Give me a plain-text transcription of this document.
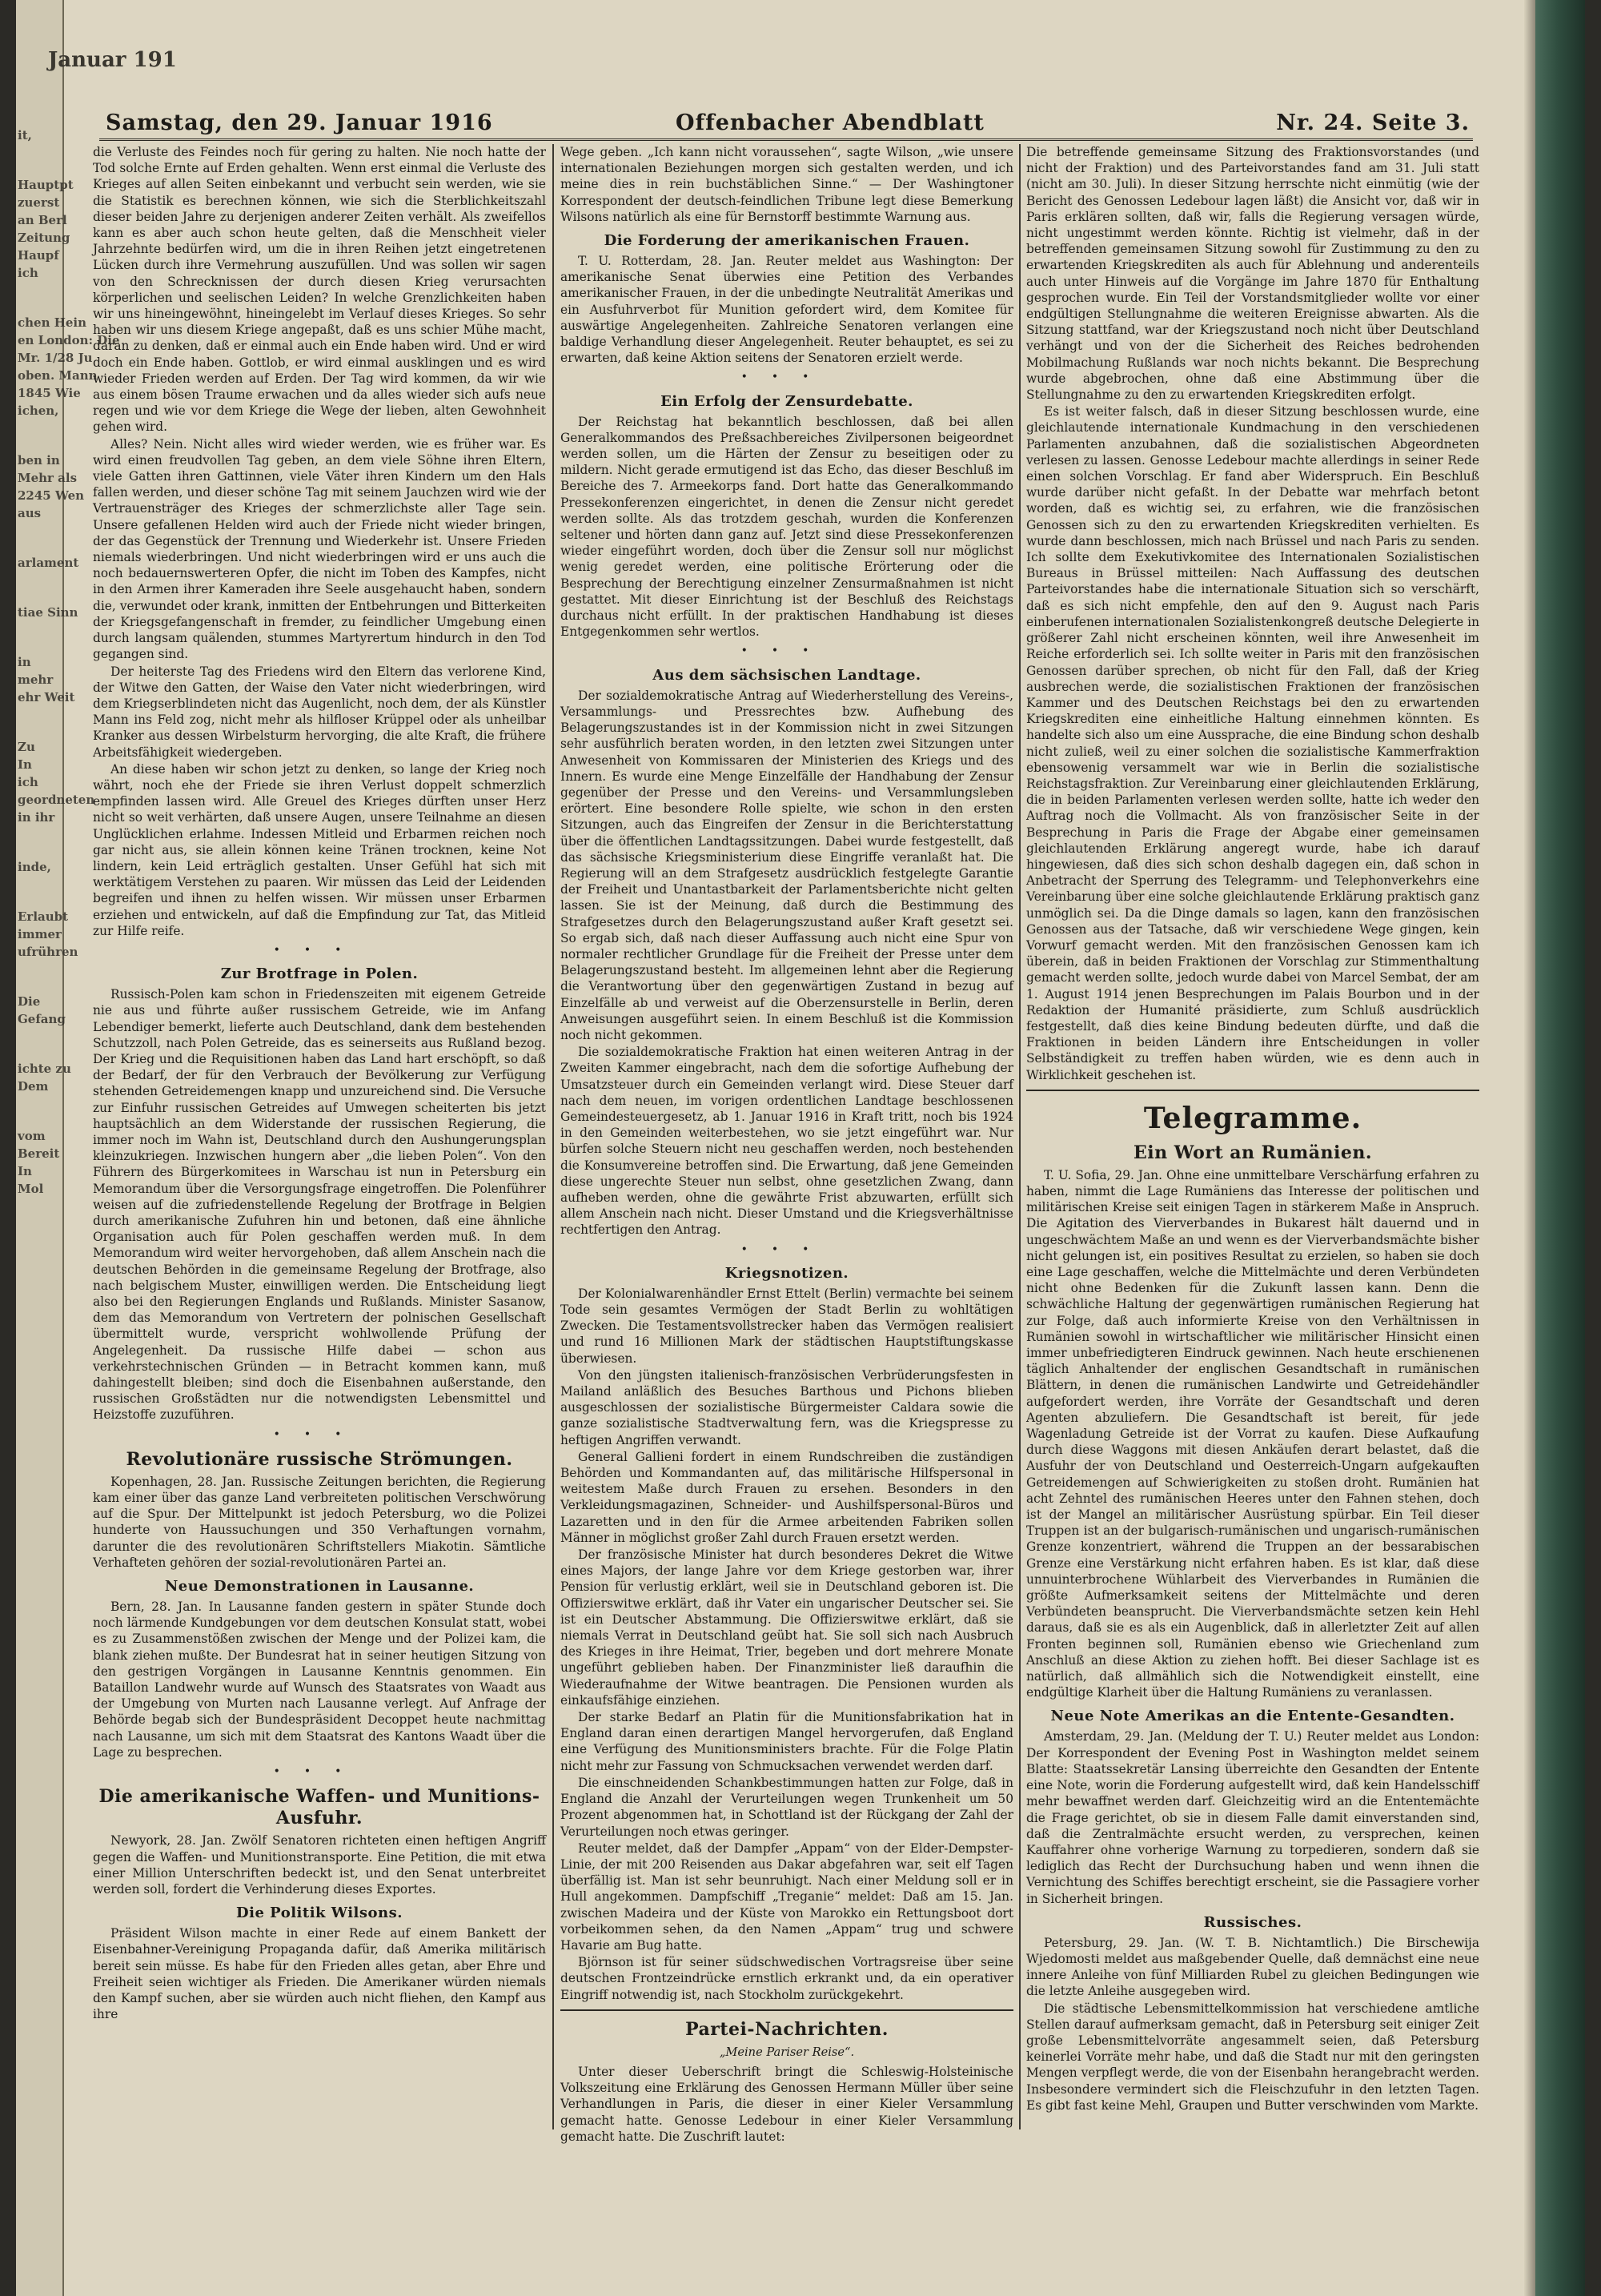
it,
Hauptpt
zuerst
an Berl
Zeitung
Haupf
ich
chen Hein
en London: Die
Mr. 1/28 Ju
oben. Mann
1845 Wie
ichen,
ben in
Mehr als
2245 Wen
aus
arlament
tiae Sinn
in
mehr
ehr Weit
Zu
In
ich
geordneten
in ihr
inde,
Erlaubt
immer
ufrühren
Die
Gefang
ichte zu
Dem
vom
Bereit
In
Mol
Januar 191
Samstag, den 29. Januar 1916	Offenbacher Abendblatt	Nr. 24. Seite 3.

die Verluste des Feindes noch für gering zu halten. Nie noch hatte der Tod solche Ernte auf Erden gehalten. Wenn erst einmal die Verluste des Krieges auf allen Seiten einbekannt und verbucht sein werden, wie sie die Statistik es berechnen können, wie sich die Sterblichkeitszahl dieser beiden Jahre zu derjenigen anderer Zeiten verhält. Als zweifellos kann es aber auch schon heute gelten, daß die Menschheit vieler Jahrzehnte bedürfen wird, um die in ihren Reihen jetzt eingetretenen Lücken durch ihre Vermehrung auszufüllen. Und was sollen wir sagen von den Schrecknissen der durch diesen Krieg verursachten körperlichen und seelischen Leiden? In welche Grenzlichkeiten haben wir uns hineingewöhnt, hineingelebt im Verlauf dieses Krieges. So sehr haben wir uns diesem Kriege angepaßt, daß es uns schier Mühe macht, daran zu denken, daß er einmal auch ein Ende haben wird. Und er wird doch ein Ende haben. Gottlob, er wird einmal ausklingen und es wird wieder Frieden werden auf Erden. Der Tag wird kommen, da wir wie aus einem bösen Traume erwachen und da alles wieder sich aufs neue regen und wie vor dem Kriege die Wege der lieben, alten Gewohnheit gehen wird.

Alles? Nein. Nicht alles wird wieder werden, wie es früher war. Es wird einen freudvollen Tag geben, an dem viele Söhne ihren Eltern, viele Gatten ihren Gattinnen, viele Väter ihren Kindern um den Hals fallen werden, und dieser schöne Tag mit seinem Jauchzen wird wie der Vertrauensträger des Krieges der schmerzlichste aller Tage sein. Unsere gefallenen Helden wird auch der Friede nicht wieder bringen, der das Gegenstück der Trennung und Wiederkehr ist. Unsere Frieden niemals wiederbringen. Und nicht wiederbringen wird er uns auch die noch bedauernswerteren Opfer, die nicht im Toben des Kampfes, nicht in den Armen ihrer Kameraden ihre Seele ausgehaucht haben, sondern die, verwundet oder krank, inmitten der Entbehrungen und Bitterkeiten der Kriegsgefangenschaft in fremder, zu feindlicher Umgebung einen durch langsam quälenden, stummes Martyrertum hindurch in den Tod gegangen sind.

Der heiterste Tag des Friedens wird den Eltern das verlorene Kind, der Witwe den Gatten, der Waise den Vater nicht wiederbringen, wird dem Kriegserblindeten nicht das Augenlicht, noch dem, der als Künstler Mann ins Feld zog, nicht mehr als hilfloser Krüppel oder als unheilbar Kranker aus dessen Wirbelsturm hervorging, die alte Kraft, die frühere Arbeitsfähigkeit wiedergeben.

An diese haben wir schon jetzt zu denken, so lange der Krieg noch währt, noch ehe der Friede sie ihren Verlust doppelt schmerzlich empfinden lassen wird. Alle Greuel des Krieges dürften unser Herz nicht so weit verhärten, daß unsere Augen, unsere Teilnahme an diesen Unglücklichen erlahme. Indessen Mitleid und Erbarmen reichen noch gar nicht aus, sie allein können keine Tränen trocknen, keine Not lindern, kein Leid erträglich gestalten. Unser Gefühl hat sich mit werktätigem Verstehen zu paaren. Wir müssen das Leid der Leidenden begreifen und ihnen zu helfen wissen. Wir müssen unser Erbarmen erziehen und entwickeln, auf daß die Empfindung zur Tat, das Mitleid zur Hilfe reife.

•••
Zur Brotfrage in Polen.

Russisch-Polen kam schon in Friedenszeiten mit eigenem Getreide nie aus und führte außer russischem Getreide, wie im Anfang Lebendiger bemerkt, lieferte auch Deutschland, dank dem bestehenden Schutzzoll, nach Polen Getreide, das es seinerseits aus Rußland bezog. Der Krieg und die Requisitionen haben das Land hart erschöpft, so daß der Bedarf, der für den Verbrauch der Bevölkerung zur Verfügung stehenden Getreidemengen knapp und unzureichend sind. Die Versuche zur Einfuhr russischen Getreides auf Umwegen scheiterten bis jetzt hauptsächlich an dem Widerstande der russischen Regierung, die immer noch im Wahn ist, Deutschland durch den Aushungerungsplan kleinzukriegen. Inzwischen hungern aber „die lieben Polen“. Von den Führern des Bürgerkomitees in Warschau ist nun in Petersburg ein Memorandum über die Versorgungsfrage eingetroffen. Die Polenführer weisen auf die zufriedenstellende Regelung der Brotfrage in Belgien durch amerikanische Zufuhren hin und betonen, daß eine ähnliche Organisation auch für Polen geschaffen werden muß. In dem Memorandum wird weiter hervorgehoben, daß allem Anschein nach die deutschen Behörden in die gemeinsame Regelung der Brotfrage, also nach belgischem Muster, einwilligen werden. Die Entscheidung liegt also bei den Regierungen Englands und Rußlands. Minister Sasanow, dem das Memorandum von Vertretern der polnischen Gesellschaft übermittelt wurde, verspricht wohlwollende Prüfung der Angelegenheit. Da russische Hilfe dabei — schon aus verkehrstechnischen Gründen — in Betracht kommen kann, muß dahingestellt bleiben; sind doch die Eisenbahnen außerstande, den russischen Großstädten nur die notwendigsten Lebensmittel und Heizstoffe zuzuführen.

•••
Revolutionäre russische Strömungen.

Kopenhagen, 28. Jan. Russische Zeitungen berichten, die Regierung kam einer über das ganze Land verbreiteten politischen Verschwörung auf die Spur. Der Mittelpunkt ist jedoch Petersburg, wo die Polizei hunderte von Haussuchungen und 350 Verhaftungen vornahm, darunter die des revolutionären Schriftstellers Miakotin. Sämtliche Verhafteten gehören der sozial-revolutionären Partei an.

Neue Demonstrationen in Lausanne.

Bern, 28. Jan. In Lausanne fanden gestern in später Stunde doch noch lärmende Kundgebungen vor dem deutschen Konsulat statt, wobei es zu Zusammenstößen zwischen der Menge und der Polizei kam, die blank ziehen mußte. Der Bundesrat hat in seiner heutigen Sitzung von den gestrigen Vorgängen in Lausanne Kenntnis genommen. Ein Bataillon Landwehr wurde auf Wunsch des Staatsrates von Waadt aus der Umgebung von Murten nach Lausanne verlegt. Auf Anfrage der Behörde begab sich der Bundespräsident Decoppet heute nachmittag nach Lausanne, um sich mit dem Staatsrat des Kantons Waadt über die Lage zu besprechen.

•••
Die amerikanische Waffen- und Munitions-Ausfuhr.

Newyork, 28. Jan. Zwölf Senatoren richteten einen heftigen Angriff gegen die Waffen- und Munitionstransporte. Eine Petition, die mit etwa einer Million Unterschriften bedeckt ist, und den Senat unterbreitet werden soll, fordert die Verhinderung dieses Exportes.

Die Politik Wilsons.

Präsident Wilson machte in einer Rede auf einem Bankett der Eisenbahner-Vereinigung Propaganda dafür, daß Amerika militärisch bereit sein müsse. Es habe für den Frieden alles getan, aber Ehre und Freiheit seien wichtiger als Frieden. Die Amerikaner würden niemals den Kampf suchen, aber sie würden auch nicht fliehen, den Kampf aus ihre

Wege geben. „Ich kann nicht voraussehen“, sagte Wilson, „wie unsere internationalen Beziehungen morgen sich gestalten werden, und ich meine dies in rein buchstäblichen Sinne.“ — Der Washingtoner Korrespondent der deutsch-feindlichen Tribune legt diese Bemerkung Wilsons natürlich als eine für Bernstorff bestimmte Warnung aus.

Die Forderung der amerikanischen Frauen.

T. U. Rotterdam, 28. Jan. Reuter meldet aus Washington: Der amerikanische Senat überwies eine Petition des Verbandes amerikanischer Frauen, in der die unbedingte Neutralität Amerikas und ein Ausfuhrverbot für Munition gefordert wird, dem Komitee für auswärtige Angelegenheiten. Zahlreiche Senatoren verlangen eine baldige Verhandlung dieser Angelegenheit. Reuter behauptet, es sei zu erwarten, daß keine Aktion seitens der Senatoren erzielt werde.

•••
Ein Erfolg der Zensurdebatte.

Der Reichstag hat bekanntlich beschlossen, daß bei allen Generalkommandos des Preßsachbereiches Zivilpersonen beigeordnet werden sollen, um die Härten der Zensur zu beseitigen oder zu mildern. Nicht gerade ermutigend ist das Echo, das dieser Beschluß im Bereiche des 7. Armeekorps fand. Dort hatte das Generalkommando Pressekonferenzen eingerichtet, in denen die Zensur nicht geredet werden sollte. Als das trotzdem geschah, wurden die Konferenzen seltener und hörten dann ganz auf. Jetzt sind diese Pressekonferenzen wieder eingeführt worden, doch über die Zensur soll nur möglichst wenig geredet werden, eine politische Erörterung oder die Besprechung der Berechtigung einzelner Zensurmaßnahmen ist nicht gestattet. Mit dieser Einrichtung ist der Beschluß des Reichstags durchaus nicht erfüllt. In der praktischen Handhabung ist dieses Entgegenkommen sehr wertlos.

•••
Aus dem sächsischen Landtage.

Der sozialdemokratische Antrag auf Wiederherstellung des Vereins-, Versammlungs- und Pressrechtes bzw. Aufhebung des Belagerungszustandes ist in der Kommission nicht in zwei Sitzungen sehr ausführlich beraten worden, in den letzten zwei Sitzungen unter Anwesenheit von Kommissaren der Ministerien des Kriegs und des Innern. Es wurde eine Menge Einzelfälle der Handhabung der Zensur gegenüber der Presse und den Vereins- und Versammlungsleben erörtert. Eine besondere Rolle spielte, wie schon in den ersten Sitzungen, auch das Eingreifen der Zensur in die Berichterstattung über die öffentlichen Landtagssitzungen. Dabei wurde festgestellt, daß das sächsische Kriegsministerium diese Eingriffe veranlaßt hat. Die Regierung will an dem Strafgesetz ausdrücklich festgelegte Garantie der Freiheit und Unantastbarkeit der Parlamentsberichte nicht gelten lassen. Sie ist der Meinung, daß durch die Bestimmung des Strafgesetzes durch den Belagerungszustand außer Kraft gesetzt sei. So ergab sich, daß nach dieser Auffassung auch nicht eine Spur von normaler rechtlicher Grundlage für die Freiheit der Presse unter dem Belagerungszustand besteht. Im allgemeinen lehnt aber die Regierung die Verantwortung über den gegenwärtigen Zustand in bezug auf Einzelfälle ab und verweist auf die Oberzensurstelle in Berlin, deren Anweisungen ausgeführt seien. In einem Beschluß ist die Kommission noch nicht gekommen.

Die sozialdemokratische Fraktion hat einen weiteren Antrag in der Zweiten Kammer eingebracht, nach dem die sofortige Aufhebung der Umsatzsteuer durch ein Gemeinden verlangt wird. Diese Steuer darf nach dem neuen, im vorigen ordentlichen Landtage beschlossenen Gemeindesteuergesetz, ab 1. Januar 1916 in Kraft tritt, noch bis 1924 in den Gemeinden weiterbestehen, wo sie jetzt eingeführt war. Nur bürfen solche Steuern nicht neu geschaffen werden, noch bestehenden die Konsumvereine betroffen sind. Die Erwartung, daß jene Gemeinden diese ungerechte Steuer nun selbst, ohne gesetzlichen Zwang, dann aufheben werden, ohne die gewährte Frist abzuwarten, erfüllt sich allem Anschein nach nicht. Dieser Umstand und die Kriegsverhältnisse rechtfertigen den Antrag.

•••
Kriegsnotizen.

Der Kolonialwarenhändler Ernst Ettelt (Berlin) vermachte bei seinem Tode sein gesamtes Vermögen der Stadt Berlin zu wohltätigen Zwecken. Die Testamentsvollstrecker haben das Vermögen realisiert und rund 16 Millionen Mark der städtischen Hauptstiftungskasse überwiesen.

Von den jüngsten italienisch-französischen Verbrüderungsfesten in Mailand anläßlich des Besuches Barthous und Pichons blieben ausgeschlossen der sozialistische Bürgermeister Caldara sowie die ganze sozialistische Stadtverwaltung fern, was die Kriegspresse zu heftigen Angriffen verwandt.

General Gallieni fordert in einem Rundschreiben die zuständigen Behörden und Kommandanten auf, das militärische Hilfspersonal in weitestem Maße durch Frauen zu ersehen. Besonders in den Verkleidungsmagazinen, Schneider- und Aushilfspersonal-Büros und Lazaretten und in den für die Armee arbeitenden Fabriken sollen Männer in möglichst großer Zahl durch Frauen ersetzt werden.

Der französische Minister hat durch besonderes Dekret die Witwe eines Majors, der lange Jahre vor dem Kriege gestorben war, ihrer Pension für verlustig erklärt, weil sie in Deutschland geboren ist. Die Offizierswitwe erklärt, daß ihr Vater ein ungarischer Deutscher sei. Sie ist ein Deutscher Abstammung. Die Offizierswitwe erklärt, daß sie niemals Verrat in Deutschland geübt hat. Sie soll sich nach Ausbruch des Krieges in ihre Heimat, Trier, begeben und dort mehrere Monate ungeführt geblieben haben. Der Finanzminister ließ daraufhin die Wiederaufnahme der Witwe beantragen. Die Pensionen wurden als einkaufsfähige einziehen.

Der starke Bedarf an Platin für die Munitionsfabrikation hat in England daran einen derartigen Mangel hervorgerufen, daß England eine Verfügung des Munitionsministers brachte. Für die Folge Platin nicht mehr zur Fassung von Schmucksachen verwendet werden darf.

Die einschneidenden Schankbestimmungen hatten zur Folge, daß in England die Anzahl der Verurteilungen wegen Trunkenheit um 50 Prozent abgenommen hat, in Schottland ist der Rückgang der Zahl der Verurteilungen noch etwas geringer.

Reuter meldet, daß der Dampfer „Appam“ von der Elder-Dempster-Linie, der mit 200 Reisenden aus Dakar abgefahren war, seit elf Tagen überfällig ist. Man ist sehr beunruhigt. Nach einer Meldung soll er in Hull angekommen. Dampfschiff „Treganie“ meldet: Daß am 15. Jan. zwischen Madeira und der Küste von Marokko ein Rettungsboot dort vorbeikommen sehen, da den Namen „Appam“ trug und schwere Havarie am Bug hatte.

Björnson ist für seiner südschwedischen Vortragsreise über seine deutschen Frontzeindrücke ernstlich erkrankt und, da ein operativer Eingriff notwendig ist, nach Stockholm zurückgekehrt.

Partei-Nachrichten.
„Meine Pariser Reise“.

Unter dieser Ueberschrift bringt die Schleswig-Holsteinische Volkszeitung eine Erklärung des Genossen Hermann Müller über seine Verhandlungen in Paris, die dieser in einer Kieler Versammlung gemacht hatte. Genosse Ledebour in einer Kieler Versammlung gemacht hatte. Die Zuschrift lautet:

Die betreffende gemeinsame Sitzung des Fraktionsvorstandes (und nicht der Fraktion) und des Parteivorstandes fand am 31. Juli statt (nicht am 30. Juli). In dieser Sitzung herrschte nicht einmütig (wie der Bericht des Genossen Ledebour lagen läßt) die Ansicht vor, daß wir in Paris erklären sollten, daß wir, falls die Regierung versagen würde, nicht ungestimmt werden könnte. Richtig ist vielmehr, daß in der betreffenden gemeinsamen Sitzung sowohl für Zustimmung zu den zu erwartenden Kriegskrediten als auch für Ablehnung und anderenteils auch unter Hinweis auf die Vorgänge im Jahre 1870 für Enthaltung gesprochen wurde. Ein Teil der Vorstandsmitglieder wollte vor einer endgültigen Stellungnahme die weiteren Ereignisse abwarten. Als die Sitzung stattfand, war der Kriegszustand noch nicht über Deutschland verhängt und von der die Sicherheit des Reiches bedrohenden Mobilmachung Rußlands war noch nichts bekannt. Die Besprechung wurde abgebrochen, ohne daß eine Abstimmung über die Stellungnahme zu den zu erwartenden Kriegskrediten erfolgt.

Es ist weiter falsch, daß in dieser Sitzung beschlossen wurde, eine gleichlautende internationale Kundmachung in den verschiedenen Parlamenten anzubahnen, daß die sozialistischen Abgeordneten verlesen zu lassen. Genosse Ledebour machte allerdings in seiner Rede einen solchen Vorschlag. Er fand aber Widerspruch. Ein Beschluß wurde darüber nicht gefaßt. In der Debatte war mehrfach betont worden, daß es wichtig sei, zu erfahren, wie die französischen Genossen sich zu den zu erwartenden Kriegskrediten verhielten. Es wurde dann beschlossen, mich nach Brüssel und nach Paris zu senden. Ich sollte dem Exekutivkomitee des Internationalen Sozialistischen Bureaus in Brüssel mitteilen: Nach Auffassung des deutschen Parteivorstandes habe die internationale Situation sich so verschärft, daß es sich nicht empfehle, den auf den 9. August nach Paris einberufenen internationalen Sozialistenkongreß deutsche Delegierte in größerer Zahl nicht erscheinen könnten, weil ihre Anwesenheit im Reiche erforderlich sei. Ich sollte weiter in Paris mit den französischen Genossen darüber sprechen, ob nicht für den Fall, daß der Krieg ausbrechen werde, die sozialistischen Fraktionen der französischen Kammer und des Deutschen Reichstags bei den zu erwartenden Kriegskrediten eine einheitliche Haltung einnehmen könnten. Es handelte sich also um eine Aussprache, die eine Bindung schon deshalb nicht zuließ, weil zu einer solchen die sozialistische Kammerfraktion ebensowenig versammelt war wie in Berlin die sozialistische Reichstagsfraktion. Zur Vereinbarung einer gleichlautenden Erklärung, die in beiden Parlamenten verlesen werden sollte, hatte ich weder den Auftrag noch die Vollmacht. Als von französischer Seite in der Besprechung in Paris die Frage der Abgabe einer gemeinsamen gleichlautenden Erklärung angeregt wurde, habe ich darauf hingewiesen, daß dies sich schon deshalb dagegen ein, daß schon in Anbetracht der Sperrung des Telegramm- und Telephonverkehrs eine Vereinbarung über eine solche gleichlautende Erklärung praktisch ganz unmöglich sei. Da die Dinge damals so lagen, kann den französischen Genossen aus der Tatsache, daß wir verschiedene Wege gingen, kein Vorwurf gemacht werden. Mit den französischen Genossen kam ich überein, daß in beiden Fraktionen der Vorschlag zur Stimmenthaltung gemacht werden sollte, jedoch wurde dabei von Marcel Sembat, der am 1. August 1914 jenen Besprechungen im Palais Bourbon und in der Redaktion der Humanité präsidierte, zum Schluß ausdrücklich festgestellt, daß dies keine Bindung bedeuten dürfte, und daß die Fraktionen in beiden Ländern ihre Entscheidungen in voller Selbständigkeit zu treffen haben würden, wie es denn auch in Wirklichkeit geschehen ist.

Telegramme.
Ein Wort an Rumänien.

T. U. Sofia, 29. Jan. Ohne eine unmittelbare Verschärfung erfahren zu haben, nimmt die Lage Rumäniens das Interesse der politischen und militärischen Kreise seit einigen Tagen in stärkerem Maße in Anspruch. Die Agitation des Vierverbandes in Bukarest hält dauernd und in ungeschwächtem Maße an und wenn es der Vierverbandsmächte bisher nicht gelungen ist, ein positives Resultat zu erzielen, so haben sie doch eine Lage geschaffen, welche die Mittelmächte und deren Verbündeten nicht ohne Bedenken für die Zukunft lassen kann. Denn die schwächliche Haltung der gegenwärtigen rumänischen Regierung hat zur Folge, daß auch informierte Kreise von den Verhältnissen in Rumänien sowohl in wirtschaftlicher wie militärischer Hinsicht einen immer unbefriedigteren Eindruck gewinnen. Nach heute erschienenen täglich Anhaltender der englischen Gesandtschaft in rumänischen Blättern, in denen die rumänischen Landwirte und Getreidehändler aufgefordert werden, ihre Vorräte der Gesandtschaft und deren Agenten abzuliefern. Die Gesandtschaft ist bereit, für jede Wagenladung Getreide ist der Vorrat zu kaufen. Diese Aufkaufung durch diese Waggons mit diesen Ankäufen derart belastet, daß die Ausfuhr der von Deutschland und Oesterreich-Ungarn aufgekauften Getreidemengen auf Schwierigkeiten zu stoßen droht. Rumänien hat acht Zehntel des rumänischen Heeres unter den Fahnen stehen, doch ist der Mangel an militärischer Ausrüstung spürbar. Ein Teil dieser Truppen ist an der bulgarisch-rumänischen und ungarisch-rumänischen Grenze konzentriert, während die Truppen an der bessarabischen Grenze eine Verstärkung nicht erfahren haben. Es ist klar, daß diese unnuinterbrochene Wühlarbeit des Vierverbandes in Rumänien die größte Aufmerksamkeit seitens der Mittelmächte und deren Verbündeten beansprucht. Die Vierverbandsmächte setzen kein Hehl daraus, daß sie es als ein Augenblick, daß in allerletzter Zeit auf allen Fronten beginnen soll, Rumänien ebenso wie Griechenland zum Anschluß an diese Aktion zu ziehen hofft. Bei dieser Sachlage ist es natürlich, daß allmählich sich die Notwendigkeit einstellt, eine endgültige Klarheit über die Haltung Rumäniens zu veranlassen.

Neue Note Amerikas an die Entente-Gesandten.

Amsterdam, 29. Jan. (Meldung der T. U.) Reuter meldet aus London: Der Korrespondent der Evening Post in Washington meldet seinem Blatte: Staatssekretär Lansing überreichte den Gesandten der Entente eine Note, worin die Forderung aufgestellt wird, daß kein Handelsschiff mehr bewaffnet werden darf. Gleichzeitig wird an die Ententemächte die Frage gerichtet, ob sie in diesem Falle damit einverstanden sind, daß die Zentralmächte ersucht werden, zu versprechen, keinen Kauffahrer ohne vorherige Warnung zu torpedieren, sondern daß sie lediglich das Recht der Durchsuchung haben und wenn ihnen die Vernichtung des Schiffes berechtigt erscheint, sie die Passagiere vorher in Sicherheit bringen.

Russisches.

Petersburg, 29. Jan. (W. T. B. Nichtamtlich.) Die Birschewija Wjedomosti meldet aus maßgebender Quelle, daß demnächst eine neue innere Anleihe von fünf Milliarden Rubel zu gleichen Bedingungen wie die letzte Anleihe ausgegeben wird.

Die städtische Lebensmittelkommission hat verschiedene amtliche Stellen darauf aufmerksam gemacht, daß in Petersburg seit einiger Zeit große Lebensmittelvorräte angesammelt seien, daß Petersburg keinerlei Vorräte mehr habe, und daß die Stadt nur mit den geringsten Mengen verpflegt werde, die von der Eisenbahn herangebracht werden. Insbesondere vermindert sich die Fleischzufuhr in den letzten Tagen. Es gibt fast keine Mehl, Graupen und Butter verschwinden vom Markte.
